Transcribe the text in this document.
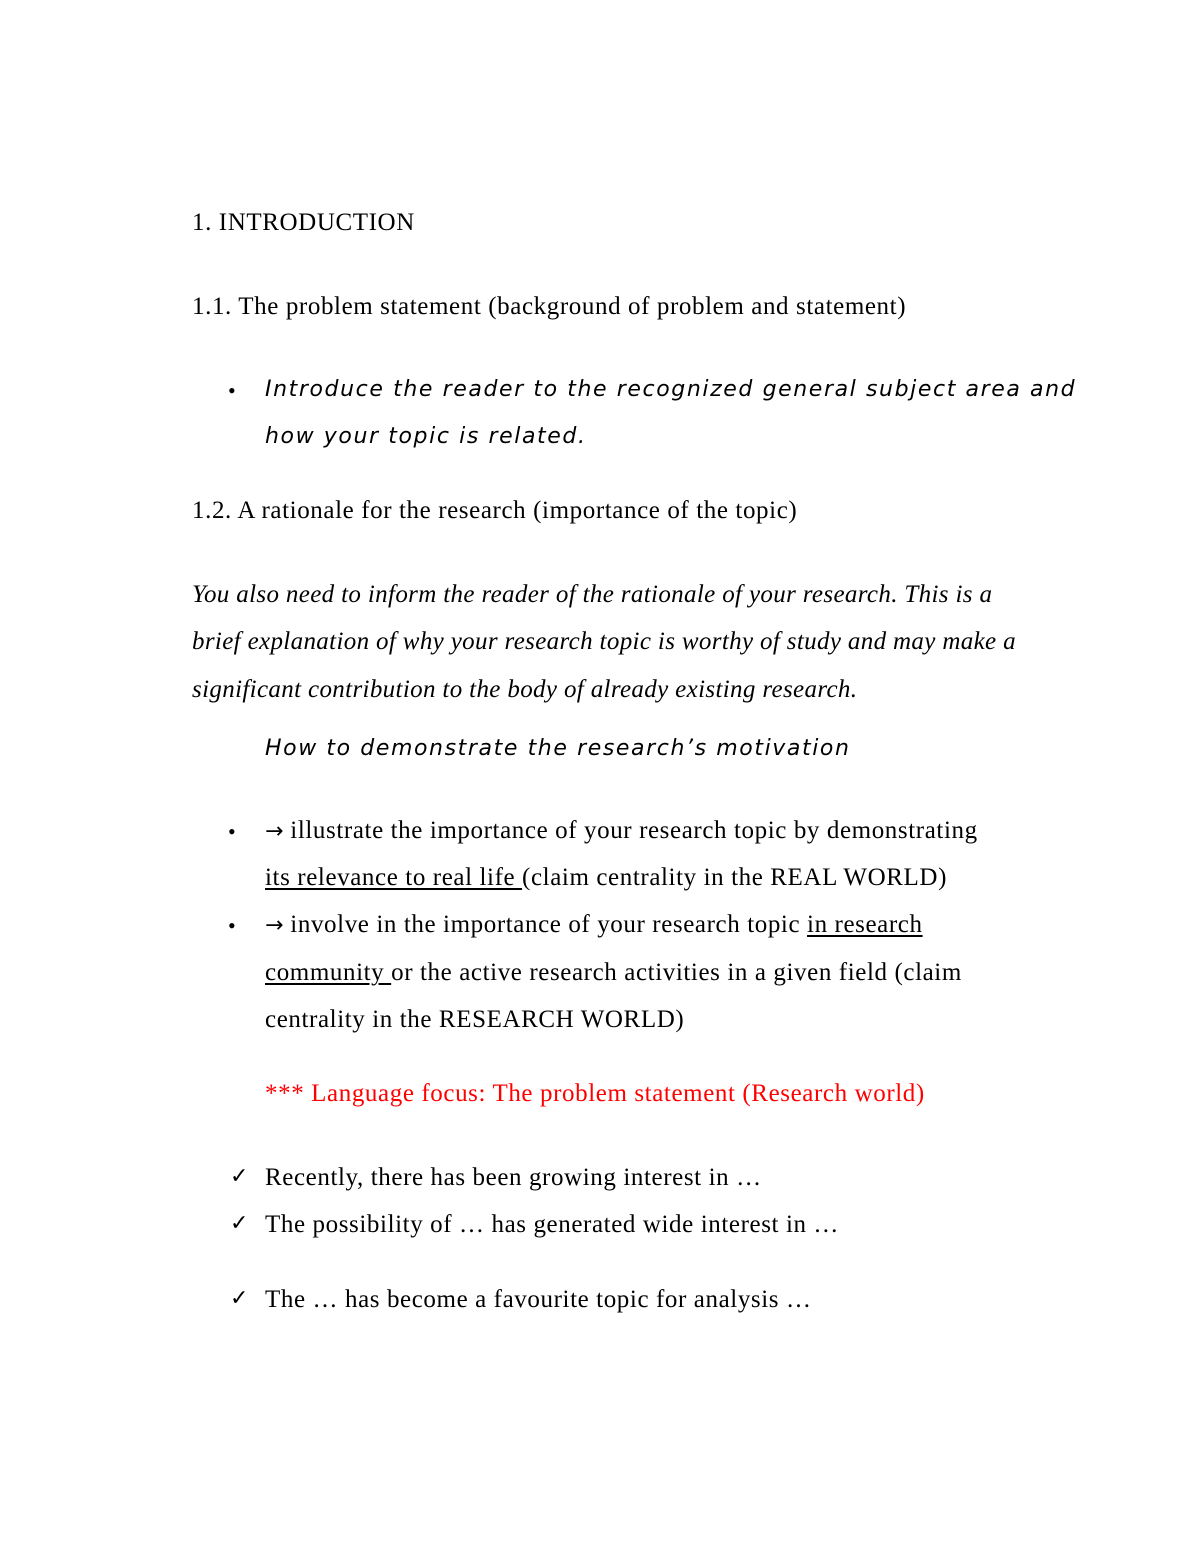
1. INTRODUCTION
1.1. The problem statement (background of problem and statement)
• Introduce the reader to the recognized general subject area and
how your topic is related.
1.2. A rationale for the research (importance of the topic)
You also need to inform the reader of the rationale of your research. This is a
brief explanation of why your research topic is worthy of study and may make a
significant contribution to the body of already existing research.
How to demonstrate the research’s motivation
• → illustrate the importance of your research topic by demonstrating
its relevance to real life (claim centrality in the REAL WORLD)
• → involve in the importance of your research topic in research
community or the active research activities in a given field (claim
centrality in the RESEARCH WORLD)
*** Language focus: The problem statement (Research world)
✓ Recently, there has been growing interest in …
✓ The possibility of … has generated wide interest in …
✓ The … has become a favourite topic for analysis …
